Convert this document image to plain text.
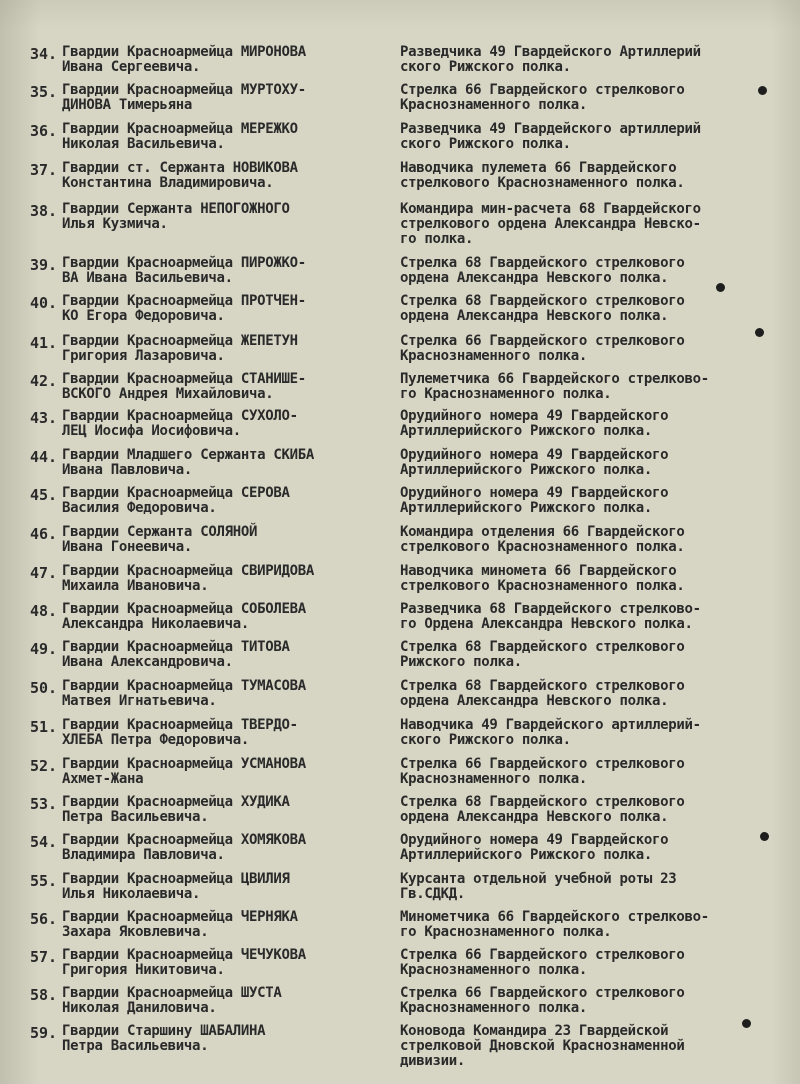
34. Гвардии Красноармейца МИРОНОВА
Ивана Сергеевича.
Разведчика 49 Гвардейского Артиллерий
ского Рижского полка.
35. Гвардии Красноармейца МУРТОХУ-
ДИНОВА Тимерьяна
Стрелка 66 Гвардейского стрелкового
Краснознаменного полка.
36. Гвардии Красноармейца МЕРЕЖКО
Николая Васильевича.
Разведчика 49 Гвардейского артиллерий
ского Рижского полка.
37. Гвардии ст. Сержанта НОВИКОВА
Константина Владимировича.
Наводчика пулемета 66 Гвардейского
стрелкового Краснознаменного полка.
38. Гвардии Сержанта НЕПОГОЖНОГО
Илья Кузмича.
Командира мин-расчета 68 Гвардейского
стрелкового ордена Александра Невско-
го полка.
39. Гвардии Красноармейца ПИРОЖКО-
ВА Ивана Васильевича.
Стрелка 68 Гвардейского стрелкового
ордена Александра Невского полка.
40. Гвардии Красноармейца ПРОТЧЕН-
КО Егора Федоровича.
Стрелка 68 Гвардейского стрелкового
ордена Александра Невского полка.
41. Гвардии Красноармейца ЖЕПЕТУН
Григория Лазаровича.
Стрелка 66 Гвардейского стрелкового
Краснознаменного полка.
42. Гвардии Красноармейца СТАНИШЕ-
ВСКОГО Андрея Михайловича.
Пулеметчика 66 Гвардейского стрелково-
го Краснознаменного полка.
43. Гвардии Красноармейца СУХОЛО-
ЛЕЦ Иосифа Иосифовича.
Орудийного номера 49 Гвардейского
Артиллерийского Рижского полка.
44. Гвардии Младшего Сержанта СКИБА
Ивана Павловича.
Орудийного номера 49 Гвардейского
Артиллерийского Рижского полка.
45. Гвардии Красноармейца СЕРОВА
Василия Федоровича.
Орудийного номера 49 Гвардейского
Артиллерийского Рижского полка.
46. Гвардии Сержанта СОЛЯНОЙ
Ивана Гонеевича.
Командира отделения 66 Гвардейского
стрелкового Краснознаменного полка.
47. Гвардии Красноармейца СВИРИДОВА
Михаила Ивановича.
Наводчика миномета 66 Гвардейского
стрелкового Краснознаменного полка.
48. Гвардии Красноармейца СОБОЛЕВА
Александра Николаевича.
Разведчика 68 Гвардейского стрелково-
го Ордена Александра Невского полка.
49. Гвардии Красноармейца ТИТОВА
Ивана Александровича.
Стрелка 68 Гвардейского стрелкового
Рижского полка.
50. Гвардии Красноармейца ТУМАСОВА
Матвея Игнатьевича.
Стрелка 68 Гвардейского стрелкового
ордена Александра Невского полка.
51. Гвардии Красноармейца ТВЕРДО-
ХЛЕБА Петра Федоровича.
Наводчика 49 Гвардейского артиллерий-
ского Рижского полка.
52. Гвардии Красноармейца УСМАНОВА
Ахмет-Жана
Стрелка 66 Гвардейского стрелкового
Краснознаменного полка.
53. Гвардии Красноармейца ХУДИКА
Петра Васильевича.
Стрелка 68 Гвардейского стрелкового
ордена Александра Невского полка.
54. Гвардии Красноармейца ХОМЯКОВА
Владимира Павловича.
Орудийного номера 49 Гвардейского
Артиллерийского Рижского полка.
55. Гвардии Красноармейца ЦВИЛИЯ
Илья Николаевича.
Курсанта отдельной учебной роты 23
Гв.СДКД.
56. Гвардии Красноармейца ЧЕРНЯКА
Захара Яковлевича.
Минометчика 66 Гвардейского стрелково-
го Краснознаменного полка.
57. Гвардии Красноармейца ЧЕЧУКОВА
Григория Никитовича.
Стрелка 66 Гвардейского стрелкового
Краснознаменного полка.
58. Гвардии Красноармейца ШУСТА
Николая Даниловича.
Стрелка 66 Гвардейского стрелкового
Краснознаменного полка.
59. Гвардии Старшину ШАБАЛИНА
Петра Васильевича.
Коновода Командира 23 Гвардейской
стрелковой Дновской Краснознаменной
дивизии.
